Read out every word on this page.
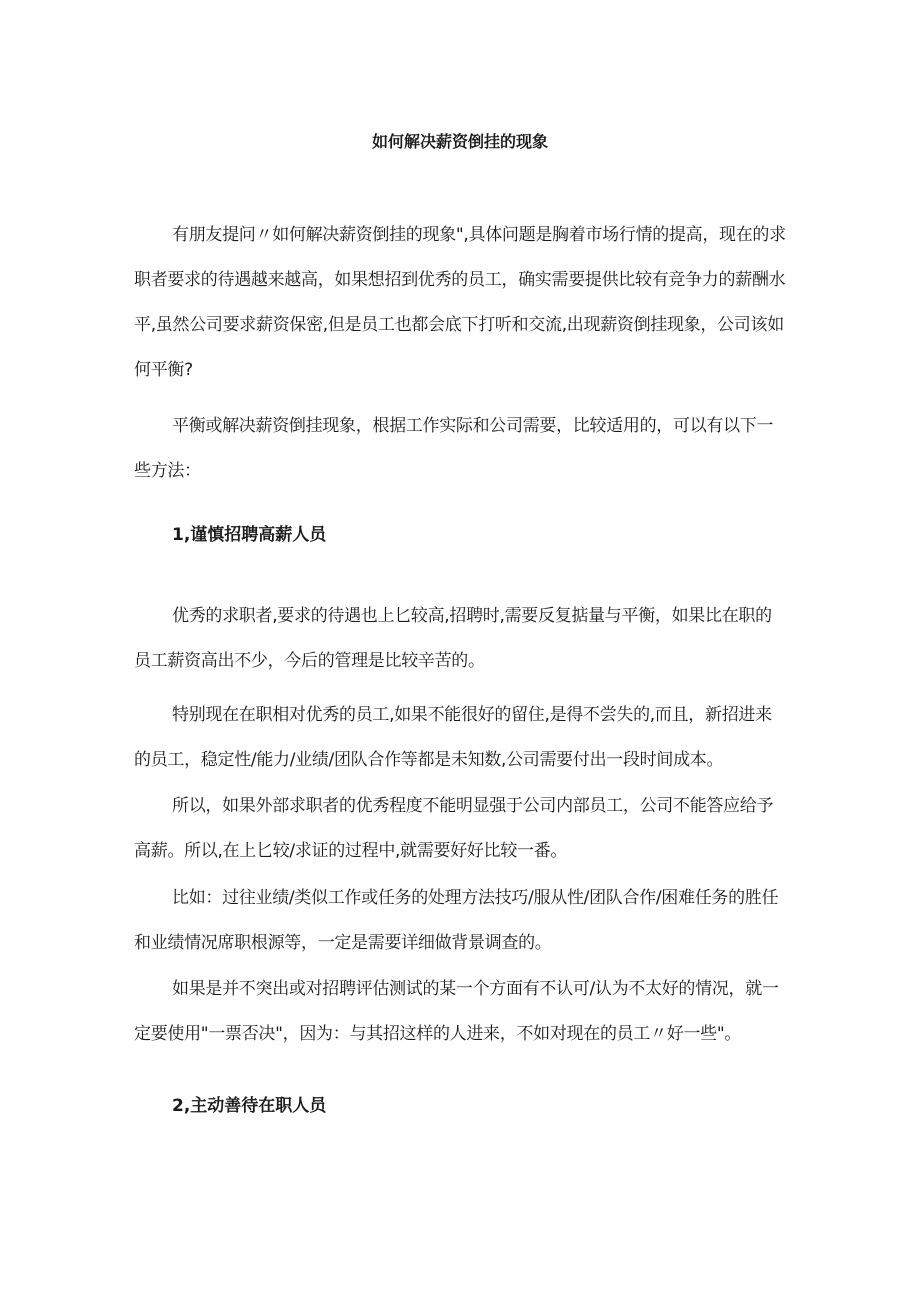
如何解决薪资倒挂的现象

有朋友提问〃如何解决薪资倒挂的现象",具体问题是胸着市场行情的提高，现在的求职者要求的待遇越来越高，如果想招到优秀的员工，确实需要提供比较有竞争力的薪酬水平,虽然公司要求薪资保密,但是员工也都会底下打听和交流,出现薪资倒挂现象，公司该如何平衡?

平衡或解决薪资倒挂现象，根据工作实际和公司需要，比较适用的，可以有以下一些方法：

1,谨慎招聘高薪人员

优秀的求职者,要求的待遇也上匕较高,招聘时,需要反复掂量与平衡，如果比在职的员工薪资高出不少，今后的管理是比较辛苦的。

特别现在在职相对优秀的员工,如果不能很好的留住,是得不尝失的,而且，新招进来的员工，稳定性/能力/业绩/团队合作等都是未知数,公司需要付出一段时间成本。

所以，如果外部求职者的优秀程度不能明显强于公司内部员工，公司不能答应给予高薪。所以,在上匕较/求证的过程中,就需要好好比较一番。

比如：过往业绩/类似工作或任务的处理方法技巧/服从性/团队合作/困难任务的胜任和业绩情况席职根源等，一定是需要详细做背景调查的。

如果是并不突出或对招聘评估测试的某一个方面有不认可/认为不太好的情况，就一定要使用"一票否决"，因为：与其招这样的人进来，不如对现在的员工〃好一些"。

2,主动善待在职人员
